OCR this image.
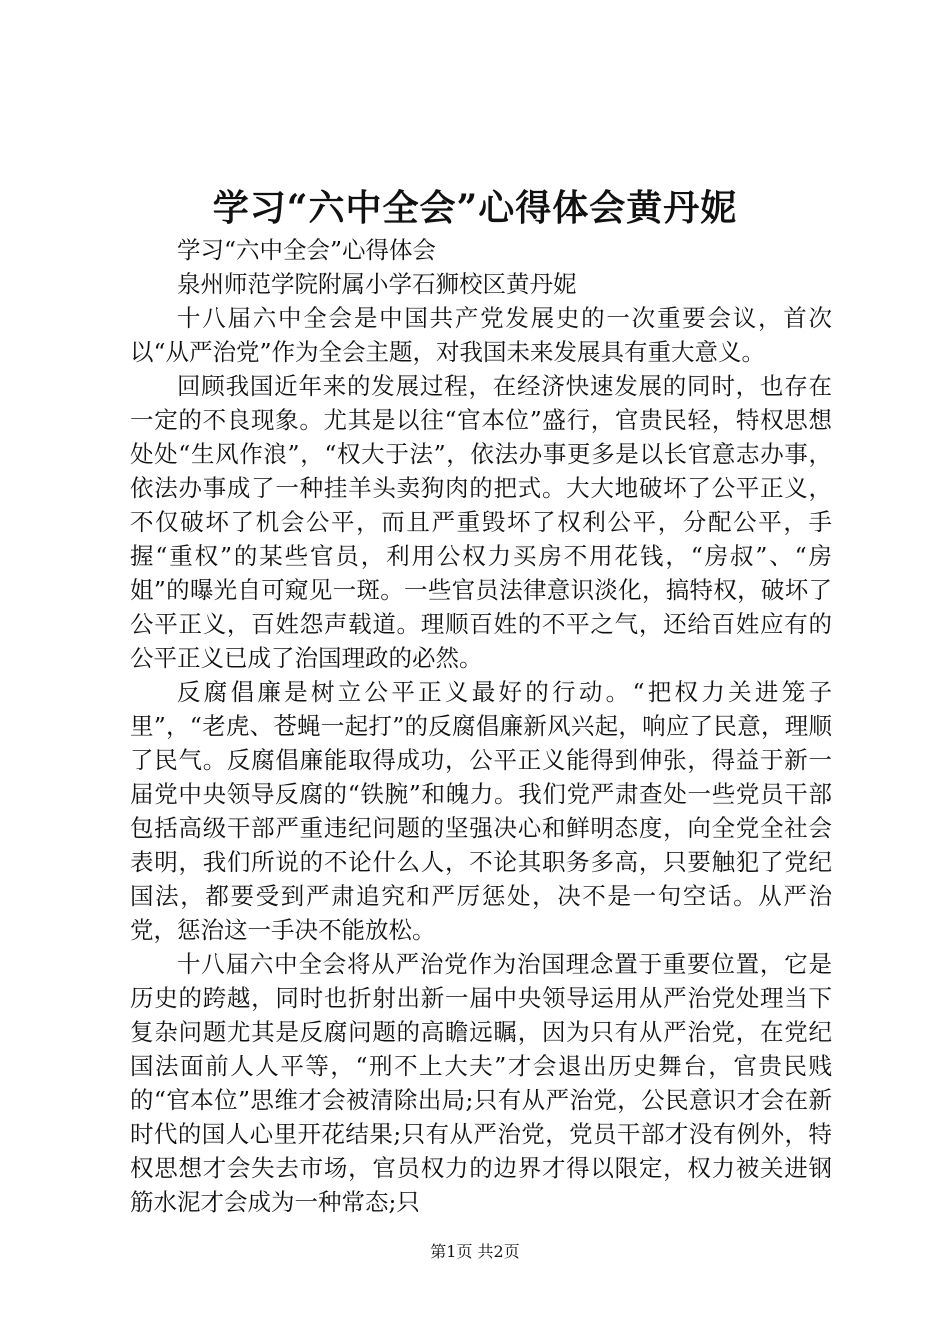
学习“六中全会”心得体会黄丹妮

学习“六中全会”心得体会

泉州师范学院附属小学石狮校区黄丹妮

十八届六中全会是中国共产党发展史的一次重要会议，首次以“从严治党”作为全会主题，对我国未来发展具有重大意义。

回顾我国近年来的发展过程，在经济快速发展的同时，也存在一定的不良现象。尤其是以往“官本位”盛行，官贵民轻，特权思想处处“生风作浪”，“权大于法”，依法办事更多是以长官意志办事，依法办事成了一种挂羊头卖狗肉的把式。大大地破坏了公平正义，不仅破坏了机会公平，而且严重毁坏了权利公平，分配公平，手握“重权”的某些官员，利用公权力买房不用花钱，“房叔”、“房姐”的曝光自可窥见一斑。一些官员法律意识淡化，搞特权，破坏了公平正义，百姓怨声载道。理顺百姓的不平之气，还给百姓应有的公平正义已成了治国理政的必然。

反腐倡廉是树立公平正义最好的行动。“把权力关进笼子里”，“老虎、苍蝇一起打”的反腐倡廉新风兴起，响应了民意，理顺了民气。反腐倡廉能取得成功，公平正义能得到伸张，得益于新一届党中央领导反腐的“铁腕”和魄力。我们党严肃查处一些党员干部包括高级干部严重违纪问题的坚强决心和鲜明态度，向全党全社会表明，我们所说的不论什么人，不论其职务多高，只要触犯了党纪国法，都要受到严肃追究和严厉惩处，决不是一句空话。从严治党，惩治这一手决不能放松。

十八届六中全会将从严治党作为治国理念置于重要位置，它是历史的跨越，同时也折射出新一届中央领导运用从严治党处理当下复杂问题尤其是反腐问题的高瞻远瞩，因为只有从严治党，在党纪国法面前人人平等，“刑不上大夫”才会退出历史舞台，官贵民贱的“官本位”思维才会被清除出局;只有从严治党，公民意识才会在新时代的国人心里开花结果;只有从严治党，党员干部才没有例外，特权思想才会失去市场，官员权力的边界才得以限定，权力被关进钢筋水泥才会成为一种常态;只

第1页 共2页
